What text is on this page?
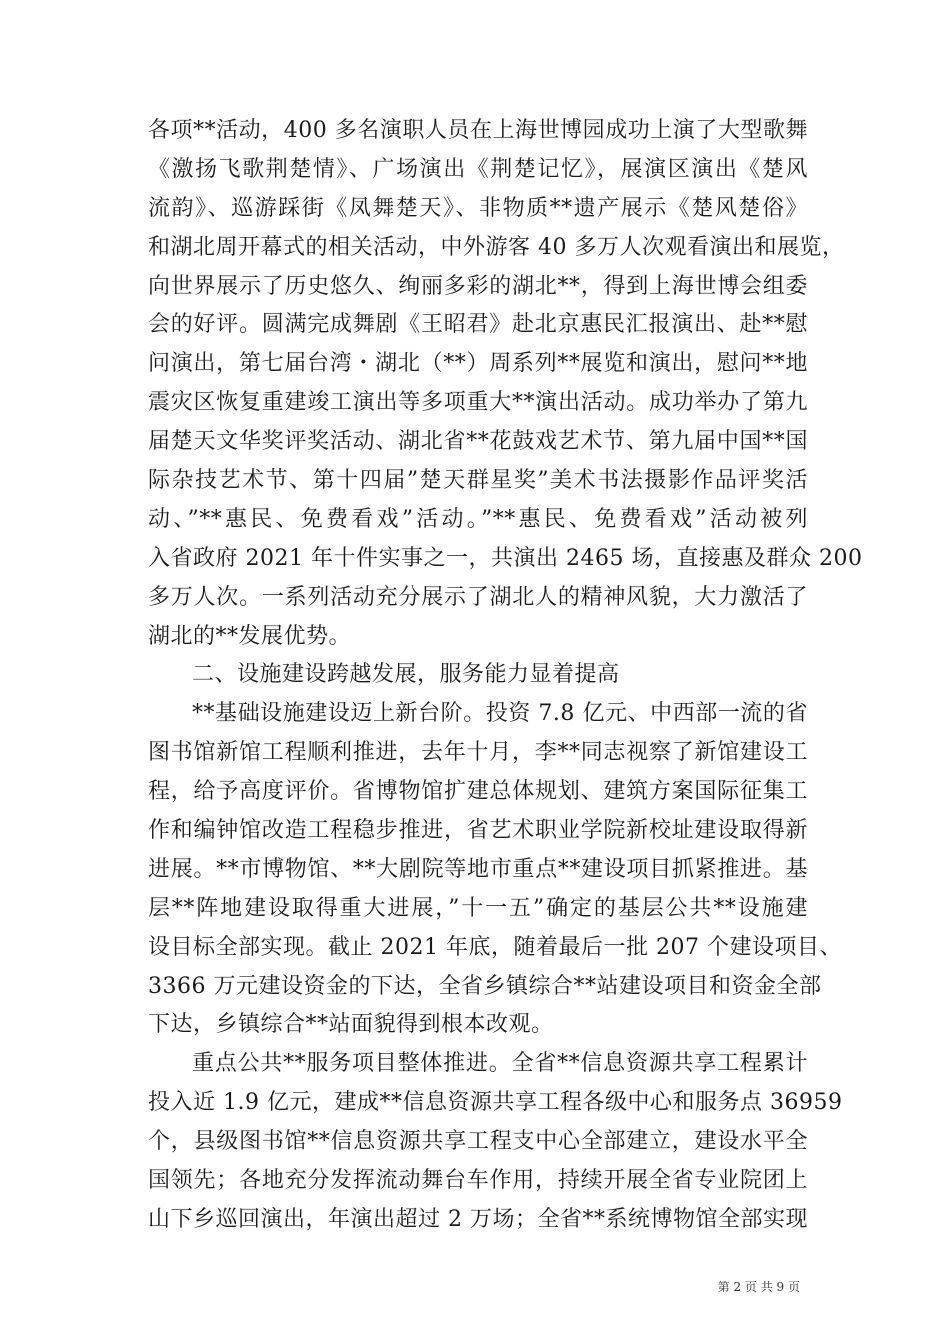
各项**活动，400 多名演职人员在上海世博园成功上演了大型歌舞
《激扬飞歌荆楚情》、广场演出《荆楚记忆》，展演区演出《楚风
流韵》、巡游踩街《凤舞楚天》、非物质**遗产展示《楚风楚俗》
和湖北周开幕式的相关活动，中外游客 40 多万人次观看演出和展览，
向世界展示了历史悠久、绚丽多彩的湖北**，得到上海世博会组委
会的好评。圆满完成舞剧《王昭君》赴北京惠民汇报演出、赴**慰
问演出，第七届台湾・湖北（**）周系列**展览和演出，慰问**地
震灾区恢复重建竣工演出等多项重大**演出活动。成功举办了第九
届楚天文华奖评奖活动、湖北省**花鼓戏艺术节、第九届中国**国
际杂技艺术节、第十四届”楚天群星奖”美术书法摄影作品评奖活
动、”**惠民、免费看戏”活动。”**惠民、免费看戏”活动被列
入省政府 2021 年十件实事之一，共演出 2465 场，直接惠及群众 200
多万人次。一系列活动充分展示了湖北人的精神风貌，大力激活了
湖北的**发展优势。
二、设施建设跨越发展，服务能力显着提高
**基础设施建设迈上新台阶。投资 7.8 亿元、中西部一流的省
图书馆新馆工程顺利推进，去年十月，李**同志视察了新馆建设工
程，给予高度评价。省博物馆扩建总体规划、建筑方案国际征集工
作和编钟馆改造工程稳步推进，省艺术职业学院新校址建设取得新
进展。**市博物馆、**大剧院等地市重点**建设项目抓紧推进。基
层**阵地建设取得重大进展，”十一五”确定的基层公共**设施建
设目标全部实现。截止 2021 年底，随着最后一批 207 个建设项目、
3366 万元建设资金的下达，全省乡镇综合**站建设项目和资金全部
下达，乡镇综合**站面貌得到根本改观。
重点公共**服务项目整体推进。全省**信息资源共享工程累计
投入近 1.9 亿元，建成**信息资源共享工程各级中心和服务点 36959
个，县级图书馆**信息资源共享工程支中心全部建立，建设水平全
国领先；各地充分发挥流动舞台车作用，持续开展全省专业院团上
山下乡巡回演出，年演出超过 2 万场；全省**系统博物馆全部实现
第 2 页 共 9 页
